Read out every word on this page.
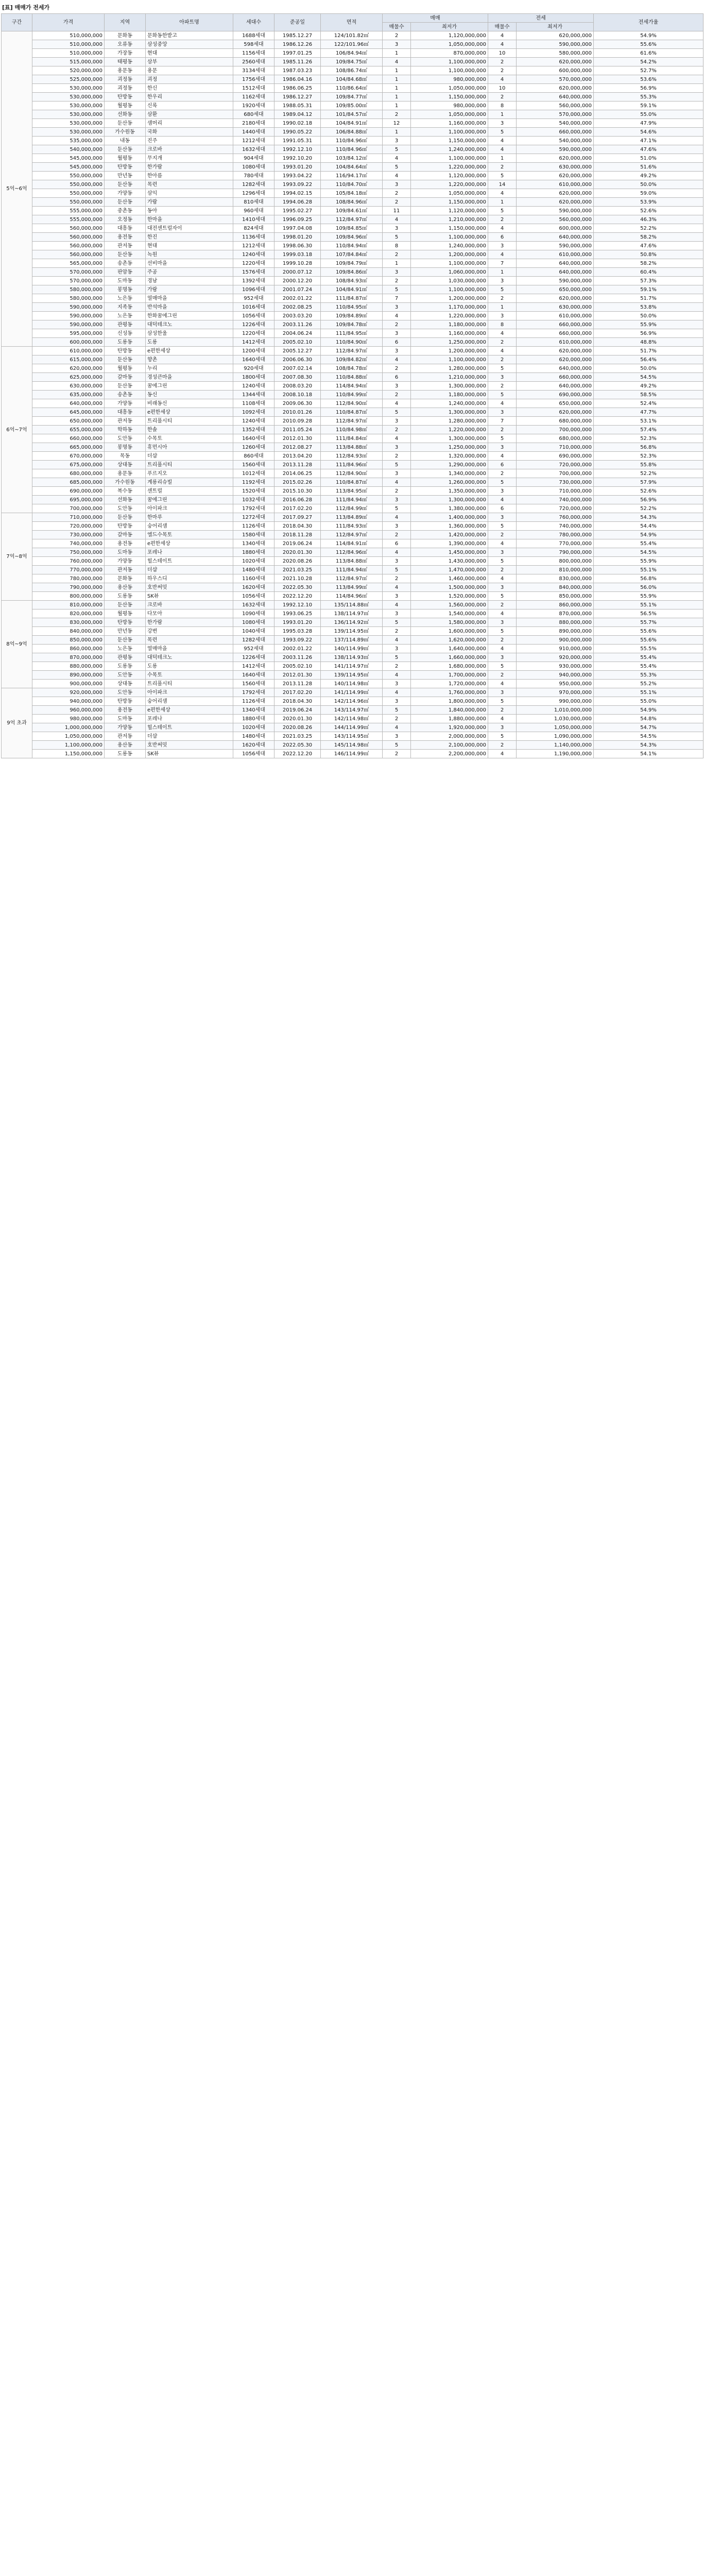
[표] 매매가 전세가
구간	가격	지역	아파트명	세대수	준공일	면적	매매		전세		전세가율
							매물수	최저가	매물수	최저가	
5억~6억	510,000,000	문화동	문화동한밭고	1688세대	1985.12.27	124/101.82㎡	2	1,120,000,000	4	620,000,000	54.9%
	510,000,000	오류동	삼성중앙	598세대	1986.12.26	122/101.96㎡	3	1,050,000,000	4	590,000,000	55.6%
	510,000,000	가장동	현대	1156세대	1997.01.25	106/84.94㎡	1	870,000,000	10	580,000,000	61.6%
	515,000,000	태평동	삼부	2560세대	1985.11.26	109/84.75㎡	4	1,100,000,000	2	620,000,000	54.2%
	520,000,000	용문동	용문	3134세대	1987.03.23	108/86.74㎡	1	1,100,000,000	2	600,000,000	52.7%
	525,000,000	괴정동	괴정	1756세대	1986.04.16	104/84.68㎡	1	980,000,000	4	570,000,000	53.6%
	530,000,000	괴정동	한신	1512세대	1986.06.25	110/86.64㎡	1	1,050,000,000	10	620,000,000	56.9%
	530,000,000	탄방동	한우리	1162세대	1986.12.27	109/84.77㎡	1	1,150,000,000	2	640,000,000	55.3%
	530,000,000	월평동	신록	1920세대	1988.05.31	109/85.00㎡	1	980,000,000	8	560,000,000	59.1%
	530,000,000	선화동	삼환	680세대	1989.04.12	101/84.57㎡	2	1,050,000,000	1	570,000,000	55.0%
	530,000,000	둔산동	샘머리	2180세대	1990.02.18	104/84.91㎡	12	1,160,000,000	3	540,000,000	47.9%
	530,000,000	가수원동	국화	1440세대	1990.05.22	106/84.88㎡	1	1,100,000,000	5	660,000,000	54.6%
	535,000,000	내동	진주	1212세대	1991.05.31	110/84.96㎡	3	1,150,000,000	4	540,000,000	47.1%
	540,000,000	둔산동	크로바	1632세대	1992.12.10	110/84.96㎡	5	1,240,000,000	4	590,000,000	47.6%
	545,000,000	월평동	무지개	904세대	1992.10.20	103/84.12㎡	4	1,100,000,000	1	620,000,000	51.0%
	545,000,000	탄방동	한가람	1080세대	1993.01.20	104/84.64㎡	5	1,220,000,000	2	630,000,000	51.6%
	550,000,000	만년동	한아름	780세대	1993.04.22	116/94.17㎡	4	1,120,000,000	5	620,000,000	49.2%
	550,000,000	둔산동	목련	1282세대	1993.09.22	110/84.70㎡	3	1,220,000,000	14	610,000,000	50.0%
	550,000,000	가양동	삼익	1296세대	1994.02.15	105/84.18㎡	2	1,050,000,000	4	620,000,000	59.0%
	550,000,000	둔산동	가람	810세대	1994.06.28	108/84.96㎡	2	1,150,000,000	1	620,000,000	53.9%
	555,000,000	중촌동	동아	960세대	1995.02.27	109/84.61㎡	11	1,120,000,000	5	590,000,000	52.6%
	555,000,000	오정동	한마을	1410세대	1996.09.25	112/84.97㎡	4	1,210,000,000	2	560,000,000	46.3%
	560,000,000	대흥동	대전센트럴자이	824세대	1997.04.08	109/84.85㎡	3	1,150,000,000	4	600,000,000	52.2%
	560,000,000	용전동	한진	1136세대	1998.01.20	109/84.96㎡	5	1,100,000,000	6	640,000,000	58.2%
	560,000,000	관저동	현대	1212세대	1998.06.30	110/84.94㎡	8	1,240,000,000	3	590,000,000	47.6%
	560,000,000	둔산동	녹원	1240세대	1999.03.18	107/84.84㎡	2	1,200,000,000	4	610,000,000	50.8%
	565,000,000	송촌동	선비마을	1220세대	1999.10.28	109/84.79㎡	1	1,100,000,000	7	640,000,000	58.2%
	570,000,000	판암동	주공	1576세대	2000.07.12	109/84.86㎡	3	1,060,000,000	1	640,000,000	60.4%
	570,000,000	도마동	경남	1392세대	2000.12.20	108/84.93㎡	2	1,030,000,000	3	590,000,000	57.3%
	580,000,000	봉명동	가람	1096세대	2001.07.24	104/84.91㎡	5	1,100,000,000	5	650,000,000	59.1%
	580,000,000	노은동	열매마을	952세대	2002.01.22	111/84.87㎡	7	1,200,000,000	2	620,000,000	51.7%
	590,000,000	지족동	반석마을	1016세대	2002.08.25	110/84.95㎡	3	1,170,000,000	1	630,000,000	53.8%
	590,000,000	노은동	한화꿈에그린	1056세대	2003.03.20	109/84.89㎡	4	1,220,000,000	3	610,000,000	50.0%
	590,000,000	관평동	대덕테크노	1226세대	2003.11.26	109/84.78㎡	2	1,180,000,000	8	660,000,000	55.9%
	595,000,000	신성동	삼성한울	1220세대	2004.06.24	111/84.95㎡	3	1,160,000,000	4	660,000,000	56.9%
	600,000,000	도룡동	도룡	1412세대	2005.02.10	110/84.90㎡	6	1,250,000,000	2	610,000,000	48.8%
6억~7억	610,000,000	탄방동	e편한세상	1200세대	2005.12.27	112/84.97㎡	3	1,200,000,000	4	620,000,000	51.7%
	615,000,000	둔산동	향촌	1640세대	2006.06.30	109/84.82㎡	4	1,100,000,000	2	620,000,000	56.4%
	620,000,000	월평동	누리	920세대	2007.02.14	108/84.78㎡	2	1,280,000,000	5	640,000,000	50.0%
	625,000,000	갈마동	경성큰마을	1800세대	2007.08.30	110/84.88㎡	6	1,210,000,000	3	660,000,000	54.5%
	630,000,000	둔산동	꿈에그린	1240세대	2008.03.20	114/84.94㎡	3	1,300,000,000	2	640,000,000	49.2%
	635,000,000	송촌동	동신	1344세대	2008.10.18	110/84.99㎡	2	1,180,000,000	5	690,000,000	58.5%
	640,000,000	가양동	비래동신	1108세대	2009.06.30	112/84.90㎡	4	1,240,000,000	4	650,000,000	52.4%
	645,000,000	대흥동	e편한세상	1092세대	2010.01.26	110/84.87㎡	5	1,300,000,000	3	620,000,000	47.7%
	650,000,000	관저동	트리풀시티	1240세대	2010.09.28	112/84.97㎡	3	1,280,000,000	7	680,000,000	53.1%
	655,000,000	학하동	한솔	1352세대	2011.05.24	110/84.98㎡	2	1,220,000,000	2	700,000,000	57.4%
	660,000,000	도안동	수목토	1640세대	2012.01.30	111/84.84㎡	4	1,300,000,000	5	680,000,000	52.3%
	665,000,000	봉명동	휴먼시아	1260세대	2012.08.27	113/84.88㎡	3	1,250,000,000	3	710,000,000	56.8%
	670,000,000	목동	더샵	860세대	2013.04.20	112/84.93㎡	2	1,320,000,000	4	690,000,000	52.3%
	675,000,000	상대동	트리풀시티	1560세대	2013.11.28	111/84.96㎡	5	1,290,000,000	6	720,000,000	55.8%
	680,000,000	용문동	푸르지오	1012세대	2014.06.25	112/84.90㎡	3	1,340,000,000	2	700,000,000	52.2%
	685,000,000	가수원동	계룡리슈빌	1192세대	2015.02.26	110/84.87㎡	4	1,260,000,000	5	730,000,000	57.9%
	690,000,000	복수동	센트럴	1520세대	2015.10.30	113/84.95㎡	2	1,350,000,000	3	710,000,000	52.6%
	695,000,000	선화동	꿈에그린	1032세대	2016.06.28	111/84.94㎡	3	1,300,000,000	4	740,000,000	56.9%
	700,000,000	도안동	아이파크	1792세대	2017.02.20	112/84.99㎡	5	1,380,000,000	6	720,000,000	52.2%
7억~8억	710,000,000	둔산동	한마루	1272세대	2017.09.27	113/84.89㎡	4	1,400,000,000	3	760,000,000	54.3%
	720,000,000	탄방동	숭어리샘	1126세대	2018.04.30	111/84.93㎡	3	1,360,000,000	5	740,000,000	54.4%
	730,000,000	갈마동	엘드수목토	1580세대	2018.11.28	112/84.97㎡	2	1,420,000,000	2	780,000,000	54.9%
	740,000,000	용전동	e편한세상	1340세대	2019.06.24	114/84.91㎡	6	1,390,000,000	4	770,000,000	55.4%
	750,000,000	도마동	포레나	1880세대	2020.01.30	112/84.96㎡	4	1,450,000,000	3	790,000,000	54.5%
	760,000,000	가양동	힐스테이트	1020세대	2020.08.26	113/84.88㎡	3	1,430,000,000	5	800,000,000	55.9%
	770,000,000	관저동	더샵	1480세대	2021.03.25	111/84.94㎡	5	1,470,000,000	2	810,000,000	55.1%
	780,000,000	문화동	하우스디	1160세대	2021.10.28	112/84.97㎡	2	1,460,000,000	4	830,000,000	56.8%
	790,000,000	용산동	호반써밋	1620세대	2022.05.30	113/84.99㎡	4	1,500,000,000	3	840,000,000	56.0%
	800,000,000	도룡동	SK뷰	1056세대	2022.12.20	114/84.96㎡	3	1,520,000,000	5	850,000,000	55.9%
8억~9억	810,000,000	둔산동	크로바	1632세대	1992.12.10	135/114.88㎡	4	1,560,000,000	2	860,000,000	55.1%
	820,000,000	월평동	다모아	1090세대	1993.06.25	138/114.97㎡	3	1,540,000,000	4	870,000,000	56.5%
	830,000,000	탄방동	한가람	1080세대	1993.01.20	136/114.92㎡	5	1,580,000,000	3	880,000,000	55.7%
	840,000,000	만년동	강변	1040세대	1995.03.28	139/114.95㎡	2	1,600,000,000	5	890,000,000	55.6%
	850,000,000	둔산동	목련	1282세대	1993.09.22	137/114.89㎡	4	1,620,000,000	2	900,000,000	55.6%
	860,000,000	노은동	열매마을	952세대	2002.01.22	140/114.99㎡	3	1,640,000,000	4	910,000,000	55.5%
	870,000,000	관평동	대덕테크노	1226세대	2003.11.26	138/114.93㎡	5	1,660,000,000	3	920,000,000	55.4%
	880,000,000	도룡동	도룡	1412세대	2005.02.10	141/114.97㎡	2	1,680,000,000	5	930,000,000	55.4%
	890,000,000	도안동	수목토	1640세대	2012.01.30	139/114.95㎡	4	1,700,000,000	2	940,000,000	55.3%
	900,000,000	상대동	트리풀시티	1560세대	2013.11.28	140/114.98㎡	3	1,720,000,000	4	950,000,000	55.2%
9억 초과	920,000,000	도안동	아이파크	1792세대	2017.02.20	141/114.99㎡	4	1,760,000,000	3	970,000,000	55.1%
	940,000,000	탄방동	숭어리샘	1126세대	2018.04.30	142/114.96㎡	3	1,800,000,000	5	990,000,000	55.0%
	960,000,000	용전동	e편한세상	1340세대	2019.06.24	143/114.97㎡	5	1,840,000,000	2	1,010,000,000	54.9%
	980,000,000	도마동	포레나	1880세대	2020.01.30	142/114.98㎡	2	1,880,000,000	4	1,030,000,000	54.8%
	1,000,000,000	가양동	힐스테이트	1020세대	2020.08.26	144/114.99㎡	4	1,920,000,000	3	1,050,000,000	54.7%
	1,050,000,000	관저동	더샵	1480세대	2021.03.25	143/114.95㎡	3	2,000,000,000	5	1,090,000,000	54.5%
	1,100,000,000	용산동	호반써밋	1620세대	2022.05.30	145/114.98㎡	5	2,100,000,000	2	1,140,000,000	54.3%
	1,150,000,000	도룡동	SK뷰	1056세대	2022.12.20	146/114.99㎡	2	2,200,000,000	4	1,190,000,000	54.1%
